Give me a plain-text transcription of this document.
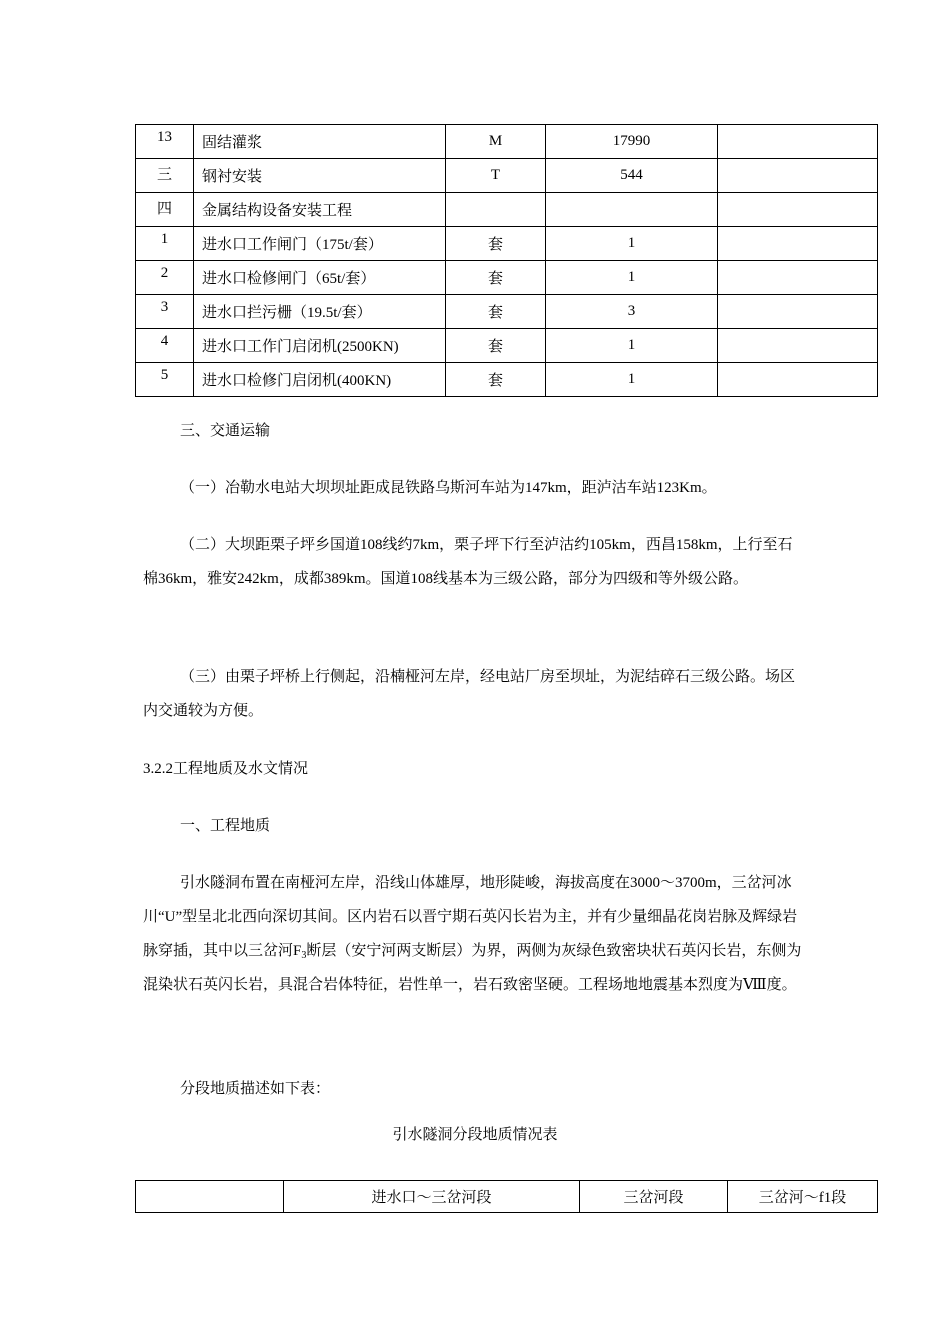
13	固结灌浆	M	17990	
三	钢衬安装	T	544	
四	金属结构设备安装工程			
1	进水口工作闸门（175t/套）	套	1	
2	进水口检修闸门（65t/套）	套	1	
3	进水口拦污栅（19.5t/套）	套	3	
4	进水口工作门启闭机(2500KN)	套	1	
5	进水口检修门启闭机(400KN)	套	1	

三、交通运输

（一）冶勒水电站大坝坝址距成昆铁路乌斯河车站为147km，距泸沽车站123Km。

（二）大坝距栗子坪乡国道108线约7km，栗子坪下行至泸沽约105km，西昌158km，上行至石棉36km，雅安242km，成都389km。国道108线基本为三级公路，部分为四级和等外级公路。

（三）由栗子坪桥上行侧起，沿楠桠河左岸，经电站厂房至坝址，为泥结碎石三级公路。场区内交通较为方便。

3.2.2工程地质及水文情况

一、工程地质

引水隧洞布置在南桠河左岸，沿线山体雄厚，地形陡峻，海拔高度在3000～3700m，三岔河冰川“U”型呈北北西向深切其间。区内岩石以晋宁期石英闪长岩为主，并有少量细晶花岗岩脉及辉绿岩脉穿插，其中以三岔河$F_3$断层（安宁河两支断层）为界，两侧为灰绿色致密块状石英闪长岩，东侧为混染状石英闪长岩，具混合岩体特征，岩性单一，岩石致密坚硬。工程场地地震基本烈度为Ⅷ度。

分段地质描述如下表：

引水隧洞分段地质情况表

	进水口～三岔河段	三岔河段	三岔河～f1段
